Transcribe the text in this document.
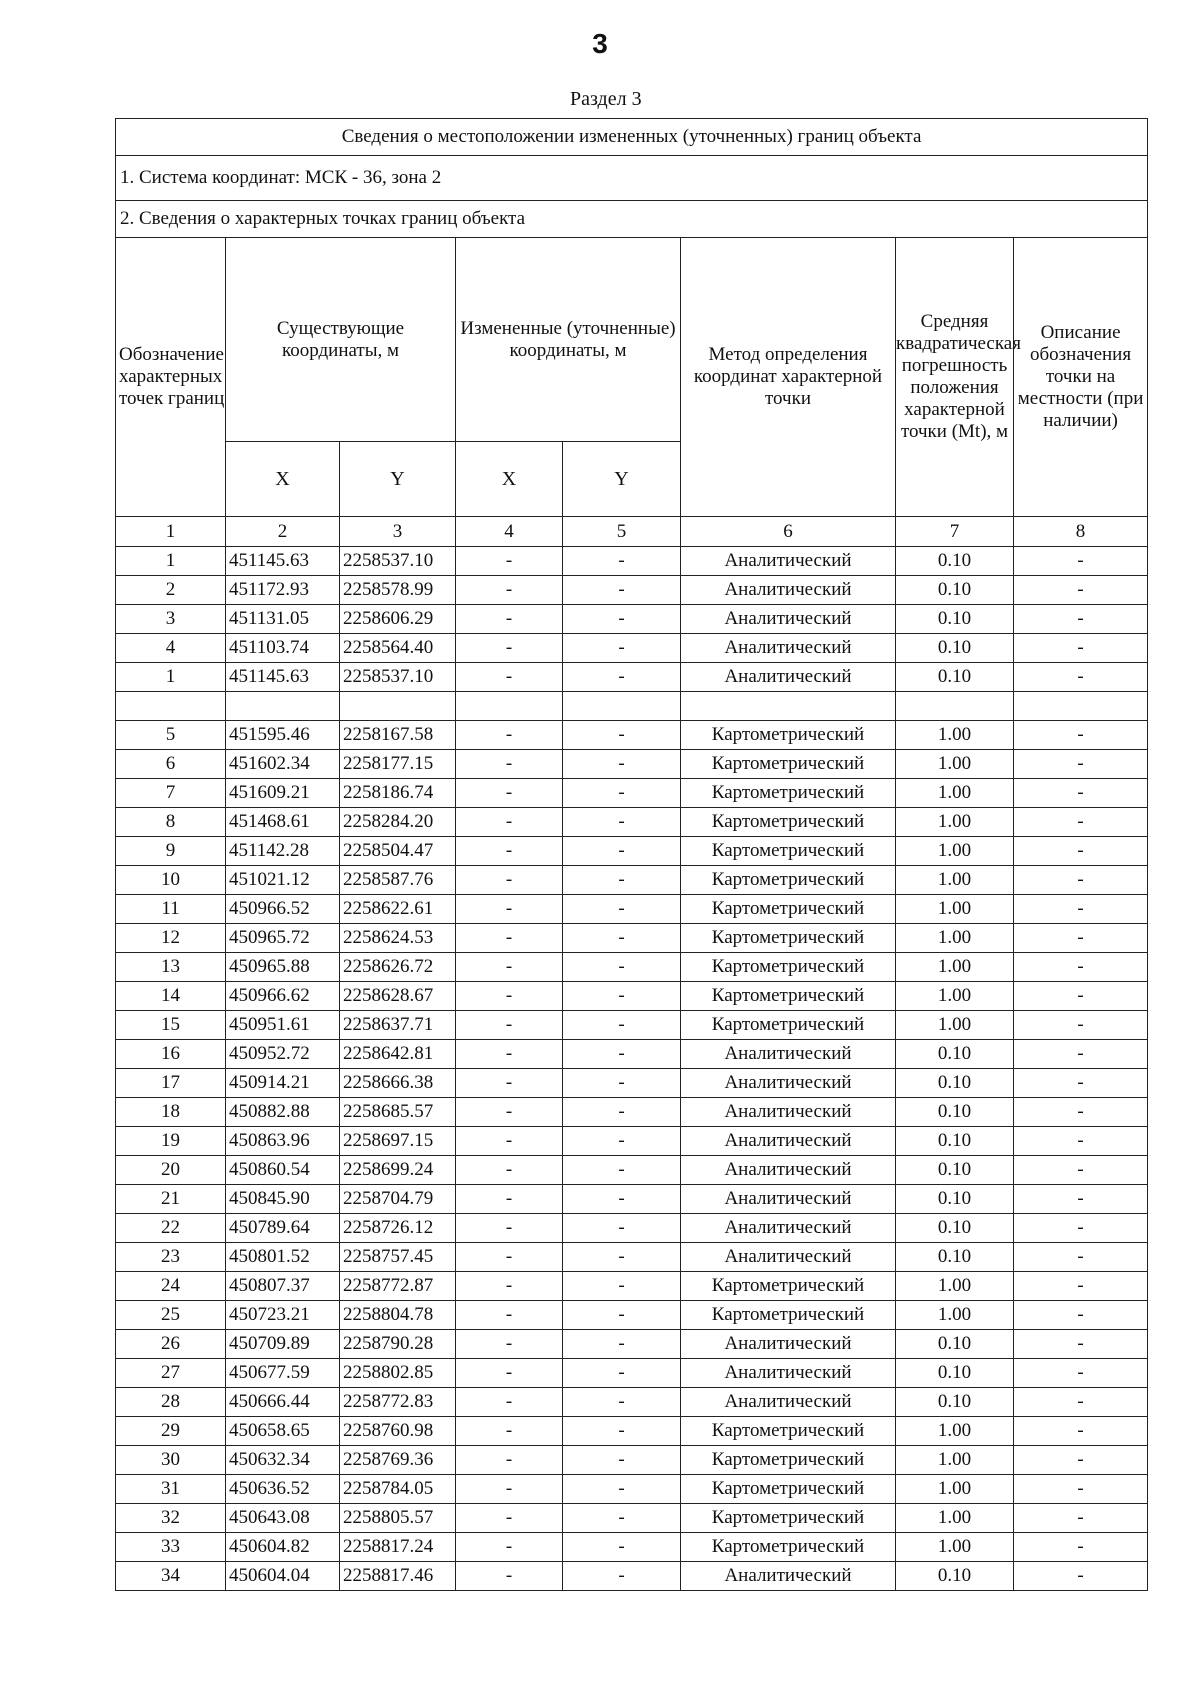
3
Раздел 3
Сведения о местоположении измененных (уточненных) границ объекта							
1. Система координат: МСК - 36, зона 2							
2. Сведения о характерных точках границ объекта							
Обозначение характерных точек границ	Существующие координаты, м		Измененные (уточненные) координаты, м		Метод определения координат характерной точки	Средняя квадратическая погрешность положения характерной точки (Mt), м	Описание обозначения точки на местности (при наличии)
	X	Y	X	Y			
1	2	3	4	5	6	7	8
1	451145.63	2258537.10	-	-	Аналитический	0.10	-
2	451172.93	2258578.99	-	-	Аналитический	0.10	-
3	451131.05	2258606.29	-	-	Аналитический	0.10	-
4	451103.74	2258564.40	-	-	Аналитический	0.10	-
1	451145.63	2258537.10	-	-	Аналитический	0.10	-

5	451595.46	2258167.58	-	-	Картометрический	1.00	-
6	451602.34	2258177.15	-	-	Картометрический	1.00	-
7	451609.21	2258186.74	-	-	Картометрический	1.00	-
8	451468.61	2258284.20	-	-	Картометрический	1.00	-
9	451142.28	2258504.47	-	-	Картометрический	1.00	-
10	451021.12	2258587.76	-	-	Картометрический	1.00	-
11	450966.52	2258622.61	-	-	Картометрический	1.00	-
12	450965.72	2258624.53	-	-	Картометрический	1.00	-
13	450965.88	2258626.72	-	-	Картометрический	1.00	-
14	450966.62	2258628.67	-	-	Картометрический	1.00	-
15	450951.61	2258637.71	-	-	Картометрический	1.00	-
16	450952.72	2258642.81	-	-	Аналитический	0.10	-
17	450914.21	2258666.38	-	-	Аналитический	0.10	-
18	450882.88	2258685.57	-	-	Аналитический	0.10	-
19	450863.96	2258697.15	-	-	Аналитический	0.10	-
20	450860.54	2258699.24	-	-	Аналитический	0.10	-
21	450845.90	2258704.79	-	-	Аналитический	0.10	-
22	450789.64	2258726.12	-	-	Аналитический	0.10	-
23	450801.52	2258757.45	-	-	Аналитический	0.10	-
24	450807.37	2258772.87	-	-	Картометрический	1.00	-
25	450723.21	2258804.78	-	-	Картометрический	1.00	-
26	450709.89	2258790.28	-	-	Аналитический	0.10	-
27	450677.59	2258802.85	-	-	Аналитический	0.10	-
28	450666.44	2258772.83	-	-	Аналитический	0.10	-
29	450658.65	2258760.98	-	-	Картометрический	1.00	-
30	450632.34	2258769.36	-	-	Картометрический	1.00	-
31	450636.52	2258784.05	-	-	Картометрический	1.00	-
32	450643.08	2258805.57	-	-	Картометрический	1.00	-
33	450604.82	2258817.24	-	-	Картометрический	1.00	-
34	450604.04	2258817.46	-	-	Аналитический	0.10	-
